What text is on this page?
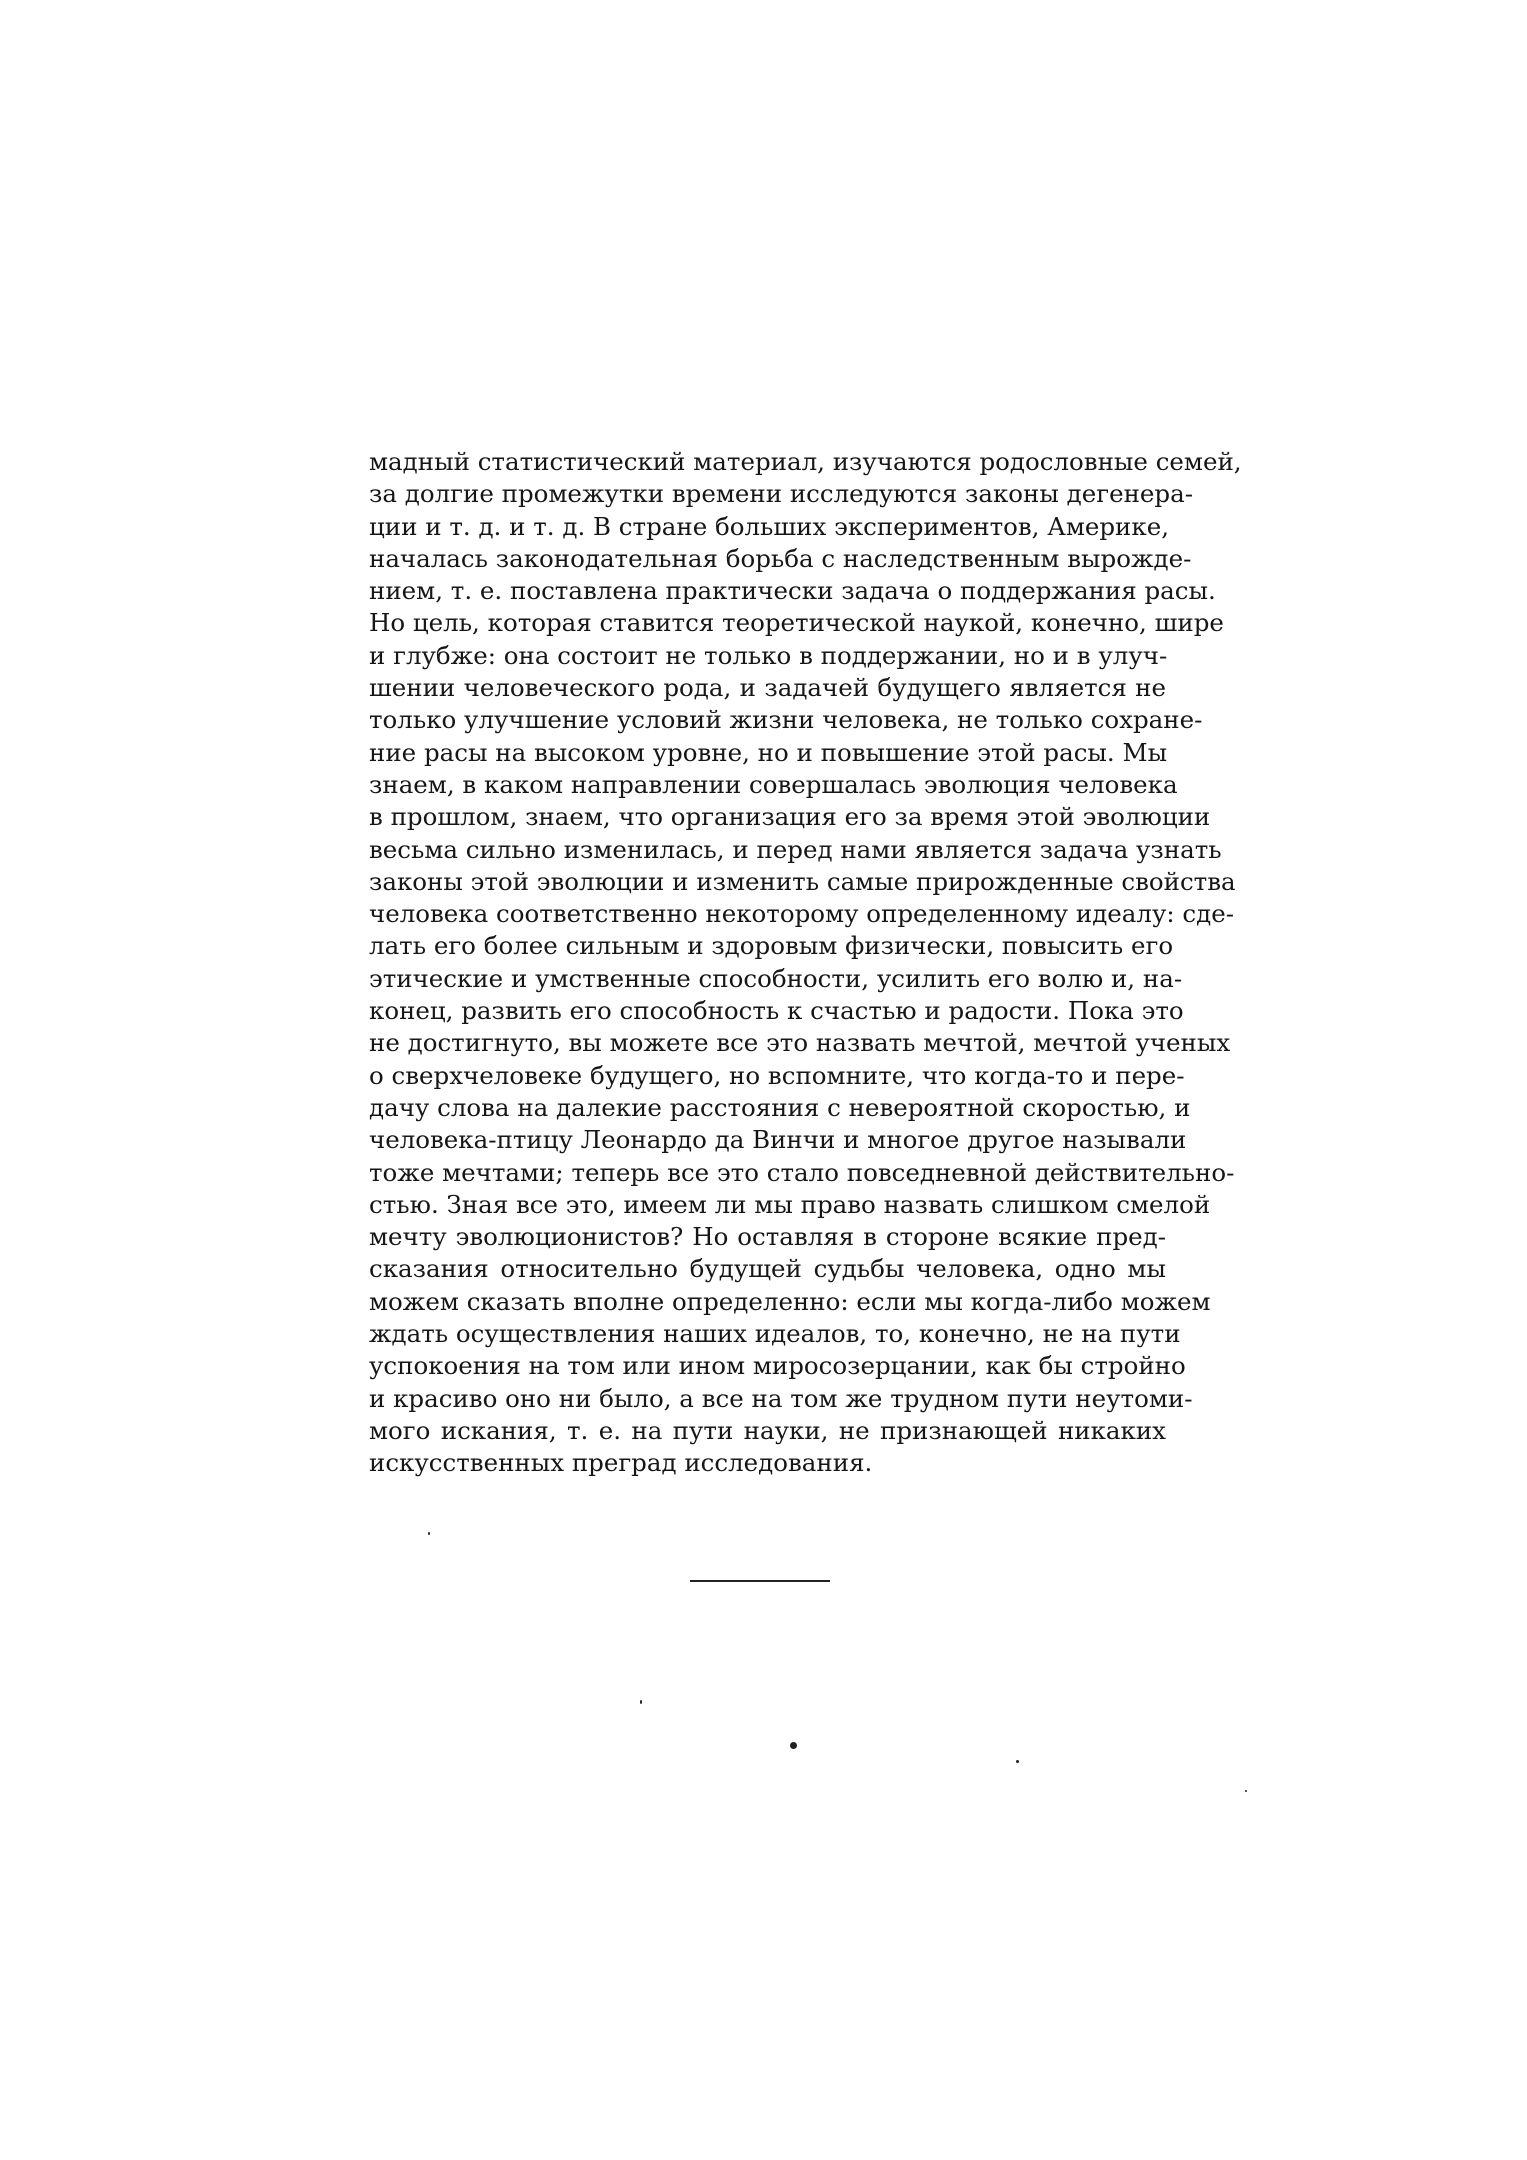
мадный статистический материал, изучаются родословные семей,
за долгие промежутки времени исследуются законы дегенера-
ции и т. д. и т. д. В стране больших экспериментов, Америке,
началась законодательная борьба с наследственным вырожде-
нием, т. е. поставлена практически задача о поддержания расы.
Но цель, которая ставится теоретической наукой, конечно, шире
и глубже: она состоит не только в поддержании, но и в улуч-
шении человеческого рода, и задачей будущего является не
только улучшение условий жизни человека, не только сохране-
ние расы на высоком уровне, но и повышение этой расы. Мы
знаем, в каком направлении совершалась эволюция человека
в прошлом, знаем, что организация его за время этой эволюции
весьма сильно изменилась, и перед нами является задача узнать
законы этой эволюции и изменить самые прирожденные свойства
человека соответственно некоторому определенному идеалу: сде-
лать его более сильным и здоровым физически, повысить его
этические и умственные способности, усилить его волю и, на-
конец, развить его способность к счастью и радости. Пока это
не достигнуто, вы можете все это назвать мечтой, мечтой ученых
о сверхчеловеке будущего, но вспомните, что когда-то и пере-
дачу слова на далекие расстояния с невероятной скоростью, и
человека-птицу Леонардо да Винчи и многое другое называли
тоже мечтами; теперь все это стало повседневной действительно-
стью. Зная все это, имеем ли мы право назвать слишком смелой
мечту эволюционистов? Но оставляя в стороне всякие пред-
сказания относительно будущей судьбы человека, одно мы
можем сказать вполне определенно: если мы когда-либо можем
ждать осуществления наших идеалов, то, конечно, не на пути
успокоения на том или ином миросозерцании, как бы стройно
и красиво оно ни было, а все на том же трудном пути неутоми-
мого искания, т. е. на пути науки, не признающей никаких
искусственных преград исследования.
